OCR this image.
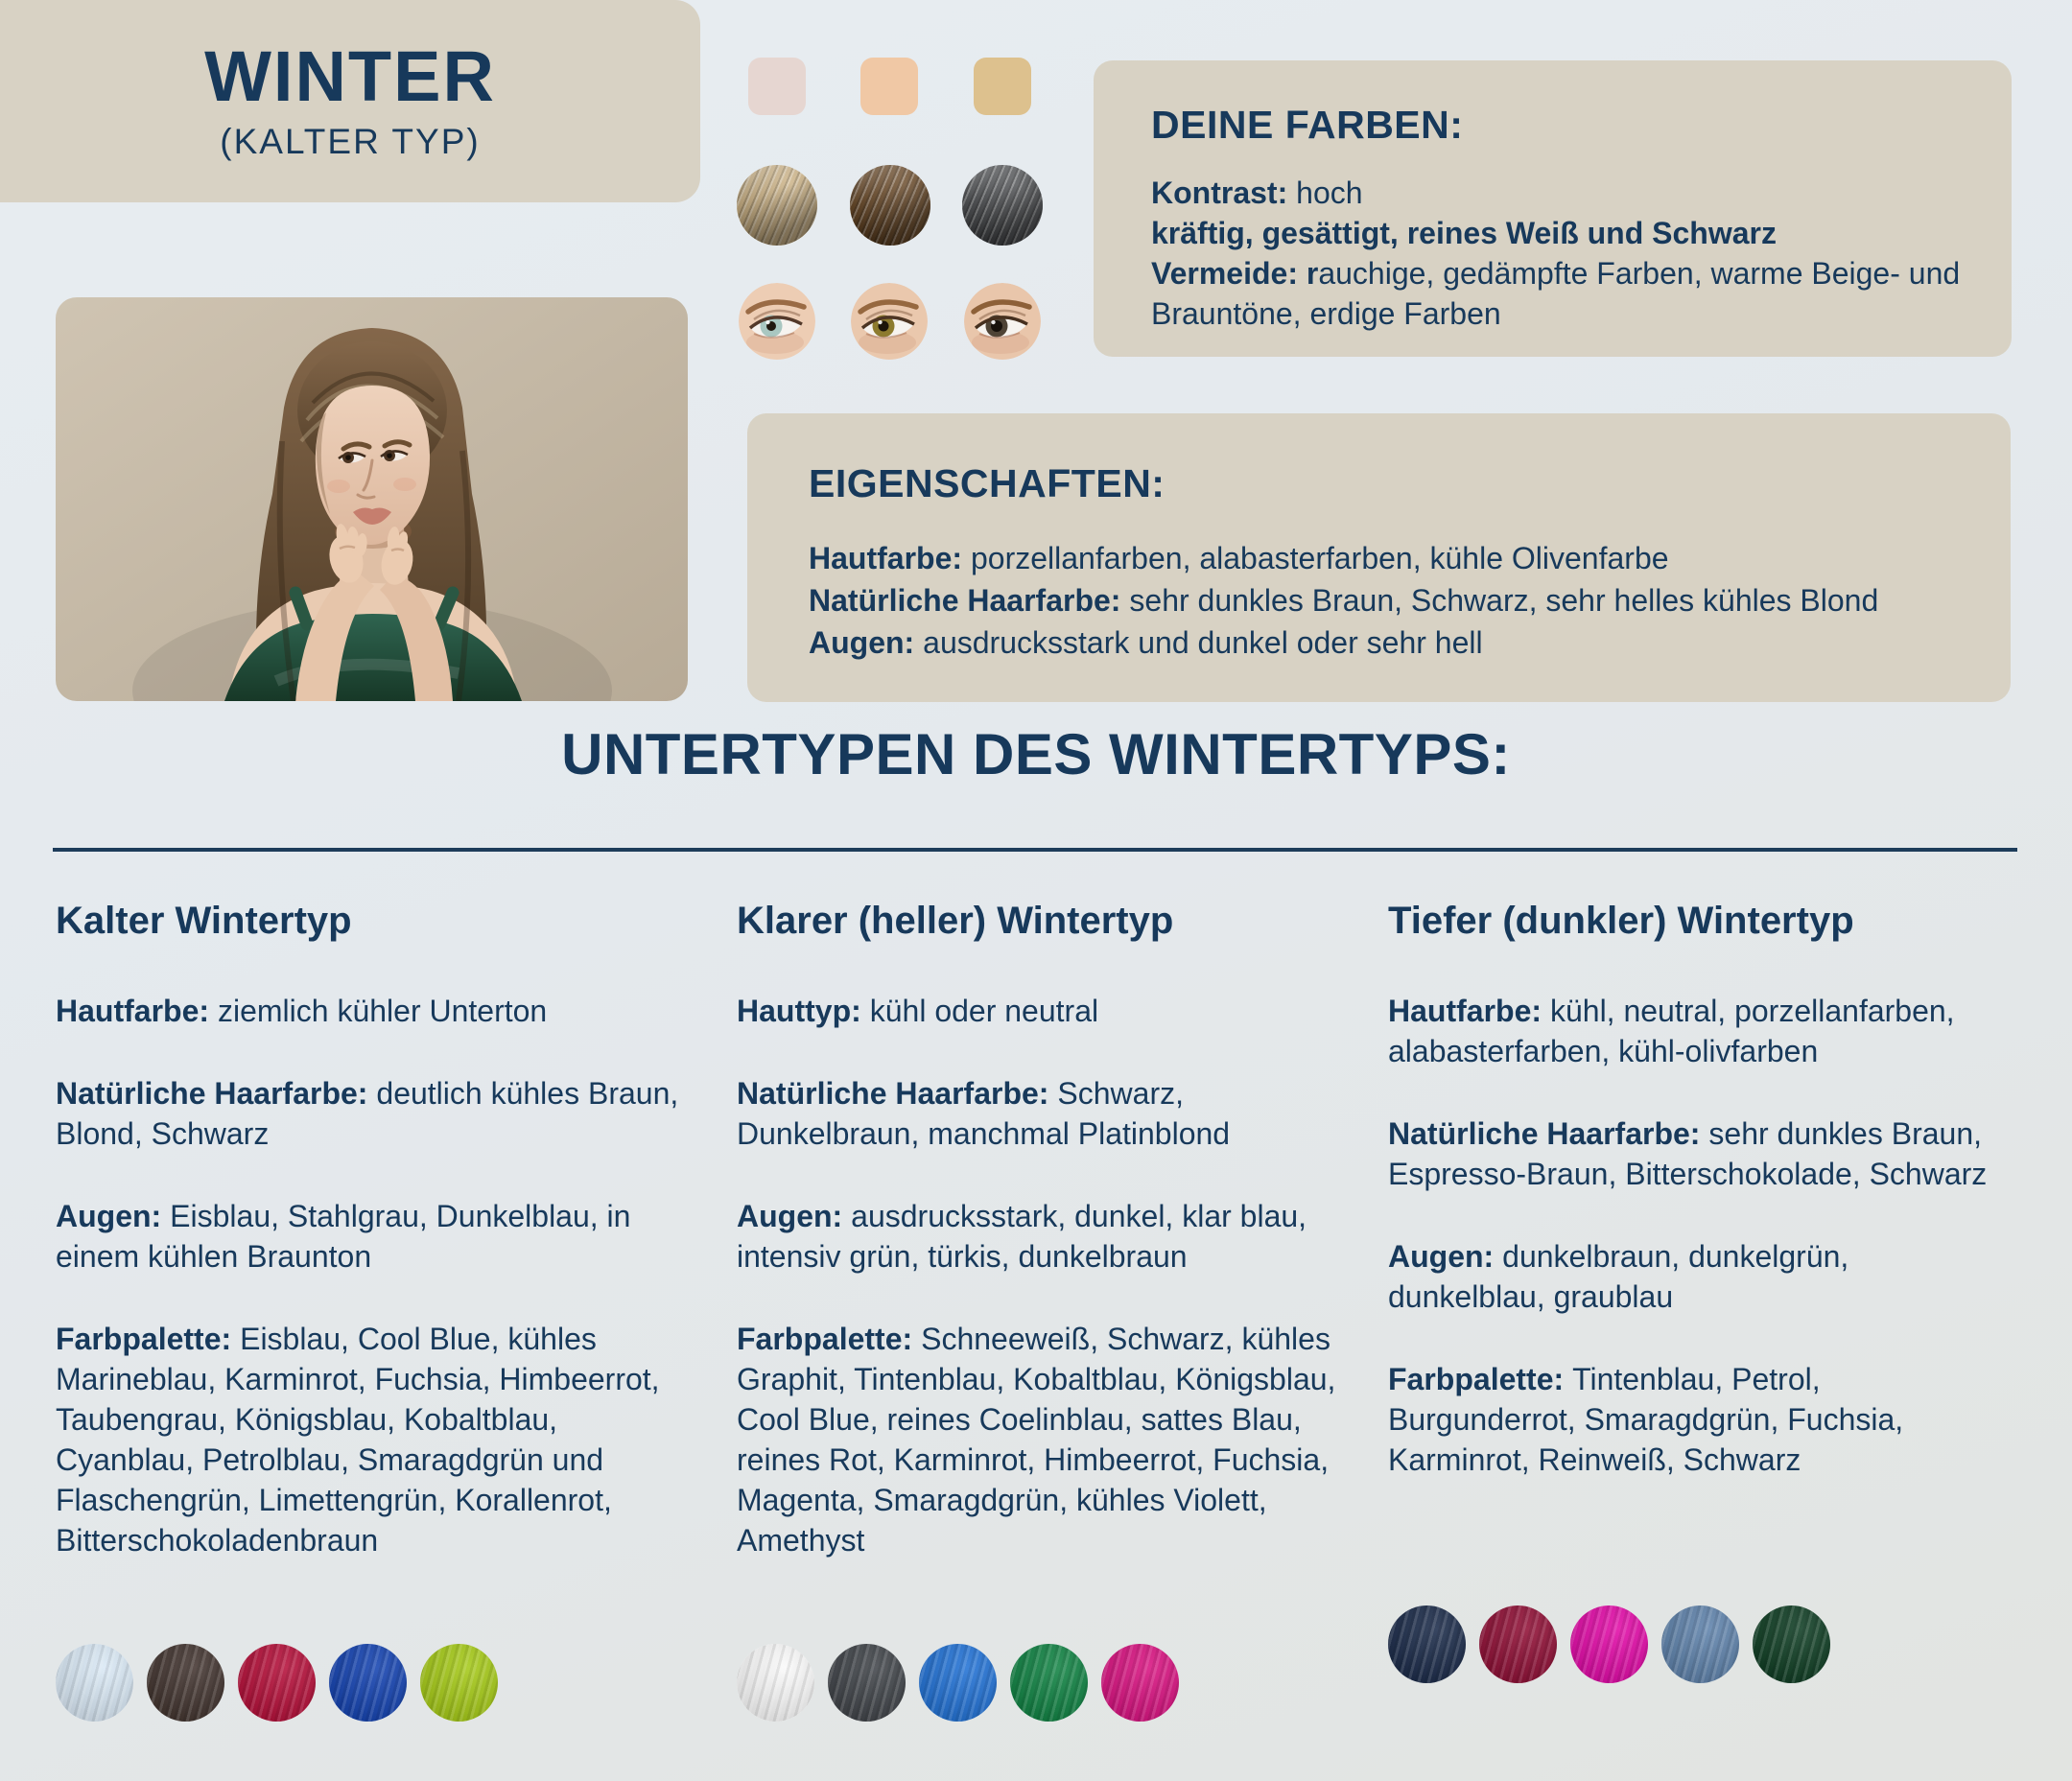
WINTER
(KALTER TYP)	DEINE FARBEN:
Kontrast: hoch
kräftig, gesättigt, reines Weiß und Schwarz
Vermeide: rauchige, gedämpfte Farben, warme Beige- und Brauntöne, erdige Farben
EIGENSCHAFTEN:
Hautfarbe: porzellanfarben, alabasterfarben, kühle Olivenfarbe
Natürliche Haarfarbe: sehr dunkles Braun, Schwarz, sehr helles kühles Blond
Augen: ausdrucksstark und dunkel oder sehr hell
UNTERTYPEN DES WINTERTYPS:
Kalter Wintertyp

Hautfarbe: ziemlich kühler Unterton

Natürliche Haarfarbe: deutlich kühles Braun, Blond, Schwarz

Augen: Eisblau, Stahlgrau, Dunkelblau, in einem kühlen Braunton

Farbpalette: Eisblau, Cool Blue, kühles Marineblau, Karminrot, Fuchsia, Himbeerrot, Taubengrau, Königsblau, Kobaltblau, Cyanblau, Petrolblau, Smaragdgrün und Flaschengrün, Limettengrün, Korallenrot, Bitterschokoladenbraun

Klarer (heller) Wintertyp

Hauttyp: kühl oder neutral

Natürliche Haarfarbe: Schwarz, Dunkelbraun, manchmal Platinblond

Augen: ausdrucksstark, dunkel, klar blau, intensiv grün, türkis, dunkelbraun

Farbpalette: Schneeweiß, Schwarz, kühles Graphit, Tintenblau, Kobaltblau, Königsblau, Cool Blue, reines Coelinblau, sattes Blau, reines Rot, Karminrot, Himbeerrot, Fuchsia, Magenta, Smaragdgrün, kühles Violett, Amethyst

Tiefer (dunkler) Wintertyp

Hautfarbe: kühl, neutral, porzellanfarben, alabasterfarben, kühl-olivfarben

Natürliche Haarfarbe: sehr dunkles Braun, Espresso-Braun, Bitterschokolade, Schwarz

Augen: dunkelbraun, dunkelgrün, dunkelblau, graublau

Farbpalette: Tintenblau, Petrol, Burgunderrot, Smaragdgrün, Fuchsia, Karminrot, Reinweiß, Schwarz
